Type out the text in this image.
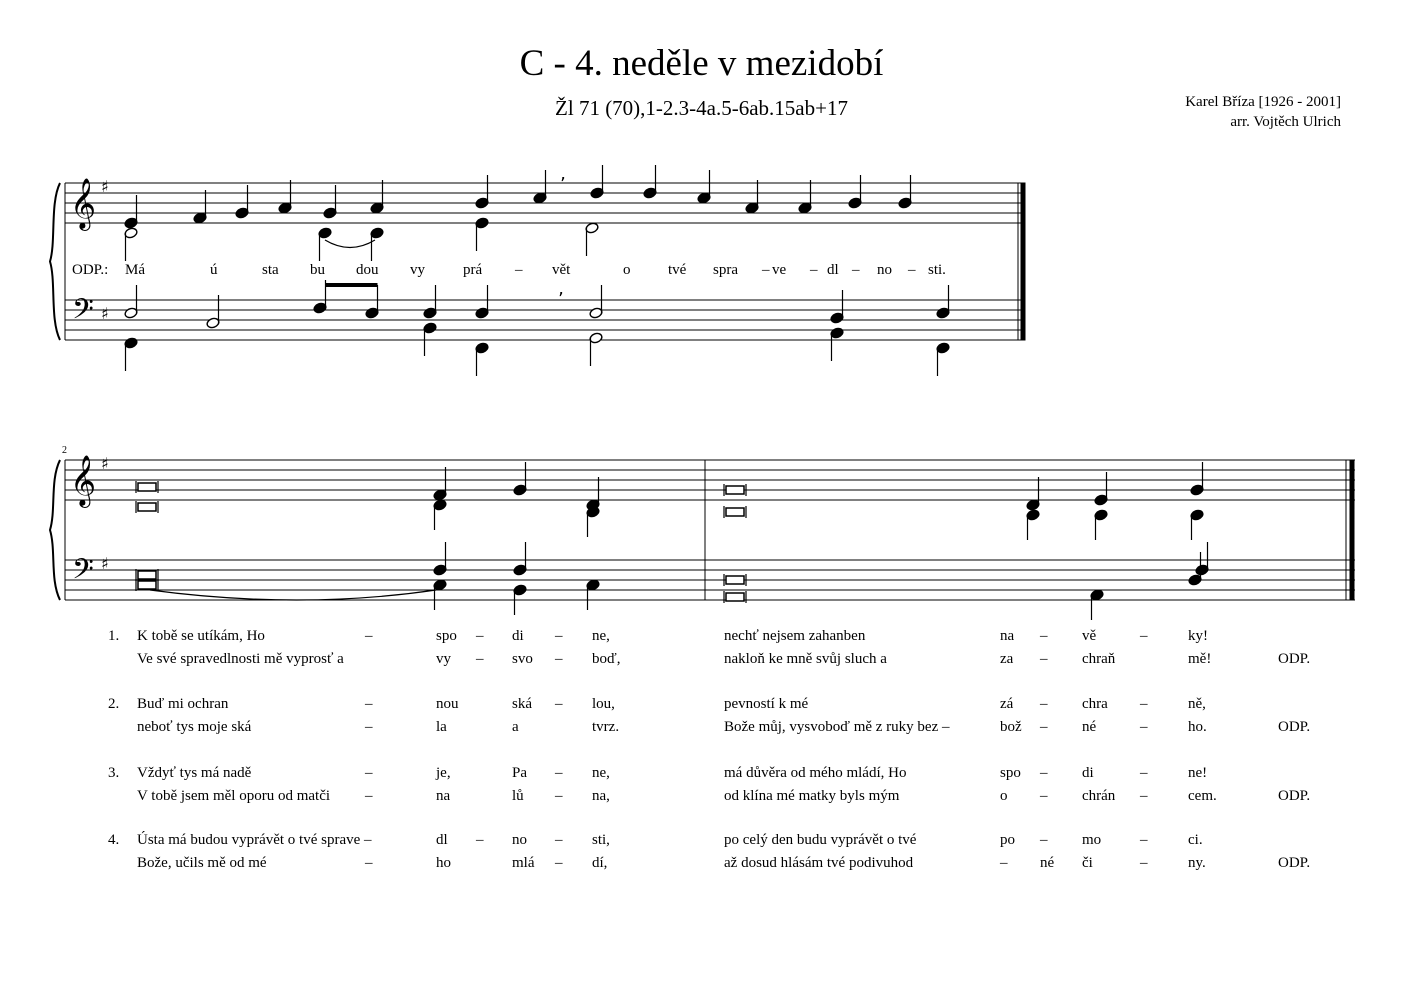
C - 4. neděle v mezidobí
Žl 71 (70),1-2.3-4a.5-6ab.15ab+17	Karel Bříza [1926 - 2001]
arr. Vojtěch Ulrich
𝄞
𝄢
𝄞
𝄢
♯
♯
♯
♯
’
’
2
ODP.: Má	ú	sta bu dou vy	prá – vět	o	tvé spra – ve – dl – no – sti.
1. K tobě se utíkám, Ho	–	spo – di – ne,	nechť nejsem zahanben	na – vě	–	ky!
Ve své spravedlnosti mě vyprosť a	vy – svo – boď,	nakloň ke mně svůj sluch a	za – chraň	mě!	ODP.
2. Buď mi ochran	–	nou	ská – lou,	pevností k mé	zá – chra –	ně,
neboť tys moje ská	–	la	a	tvrz.	Bože můj, vysvoboď mě z ruky bez –	bož – né	–	ho.	ODP.
3. Vždyť tys má nadě	–	je,	Pa – ne,	má důvěra od mého mládí, Ho	spo – di	–	ne!
V tobě jsem měl oporu od matči –	na	lů – na,	od klína mé matky byls mým	o – chrán –	cem.	ODP.
4. Ústa má budou vyprávět o tvé sprave –	dl – no – sti,	po celý den budu vyprávět o tvé	po – mo	–	ci.
Bože, učils mě od mé	–	ho	mlá – dí,	až dosud hlásám tvé podivuhod	– né či	–	ny.	ODP.
